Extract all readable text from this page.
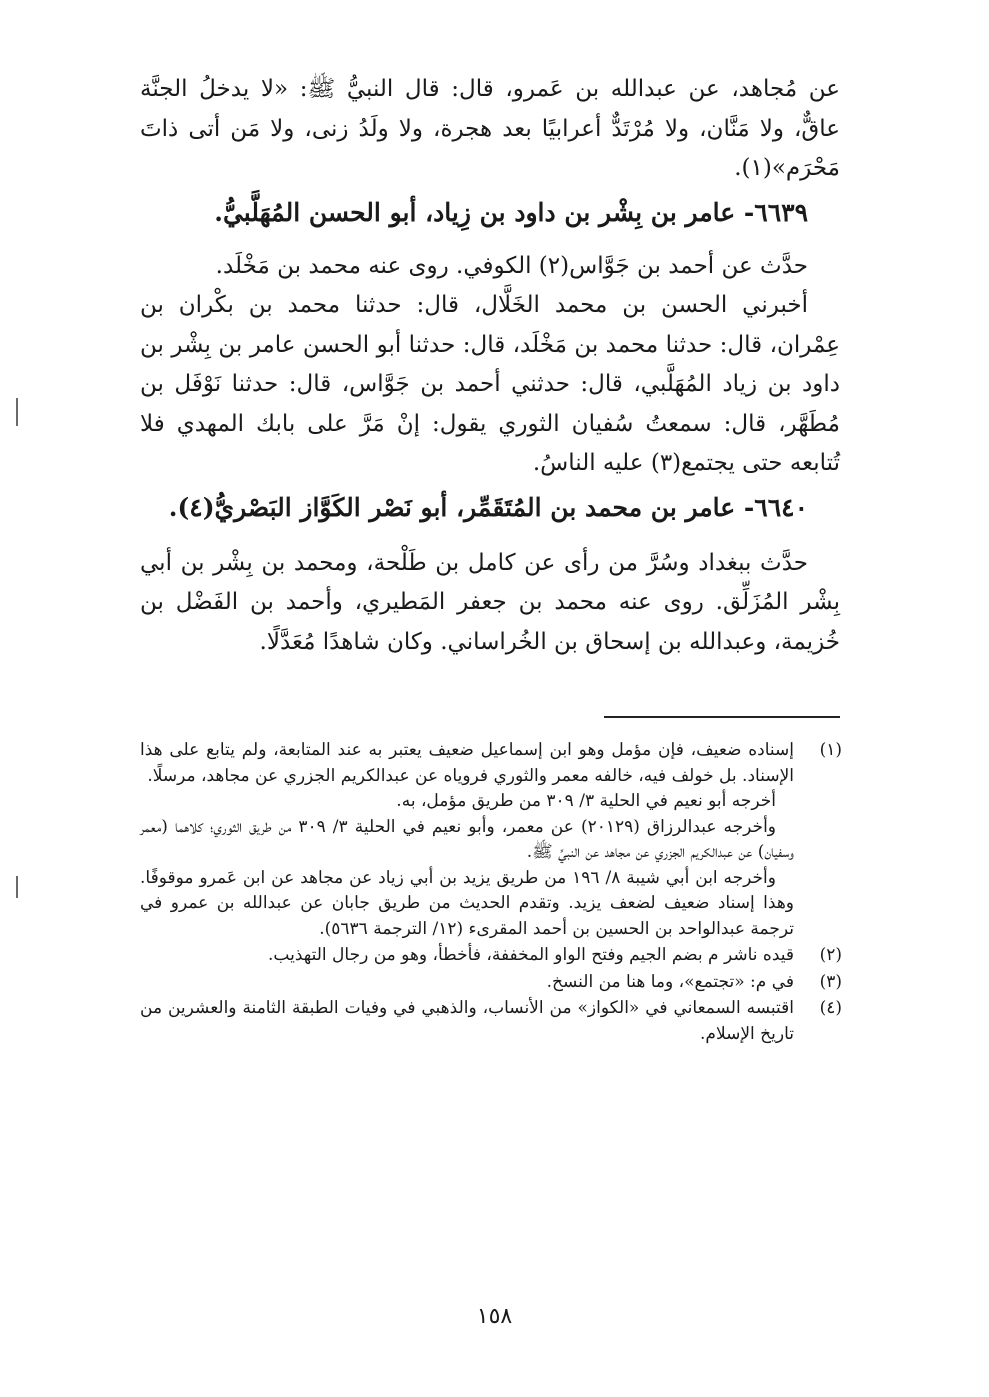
عن مُجاهد، عن عبدالله بن عَمرو، قال: قال النبيُّ ﷺ: «لا يدخلُ الجنَّة عاقٌّ، ولا مَنَّان، ولا مُرْتَدٌّ أعرابيًا بعد هجرة، ولا ولَدُ زنى، ولا مَن أتى ذاتَ مَحْرَم»(١).

٦٦٣٩- عامر بن بِشْر بن داود بن زِياد، أبو الحسن المُهَلَّبيُّ.

حدَّث عن أحمد بن جَوَّاس(٢) الكوفي. روى عنه محمد بن مَخْلَد.

أخبرني الحسن بن محمد الخَلَّال، قال: حدثنا محمد بن بكْران بن عِمْران، قال: حدثنا محمد بن مَخْلَد، قال: حدثنا أبو الحسن عامر بن بِشْر بن داود بن زياد المُهَلَّبي، قال: حدثني أحمد بن جَوَّاس، قال: حدثنا نَوْفَل بن مُطَهَّر، قال: سمعتُ سُفيان الثوري يقول: إنْ مَرَّ على بابك المهدي فلا تُتابعه حتى يجتمع(٣) عليه الناسُ.

٦٦٤٠- عامر بن محمد بن المُتَقَمِّر، أبو نَصْر الكَوَّاز البَصْريُّ(٤).

حدَّث ببغداد وسُرَّ من رأى عن كامل بن طَلْحة، ومحمد بن بِشْر بن أبي بِشْر المُزَلِّق. روى عنه محمد بن جعفر المَطيري، وأحمد بن الفَضْل بن خُزيمة، وعبدالله بن إسحاق بن الخُراساني. وكان شاهدًا مُعَدَّلًا.

(١)

إسناده ضعيف، فإن مؤمل وهو ابن إسماعيل ضعيف يعتبر به عند المتابعة، ولم يتابع على هذا الإسناد. بل خولف فيه، خالفه معمر والثوري فروياه عن عبدالكريم الجزري عن مجاهد، مرسلًا.

أخرجه أبو نعيم في الحلية ٣/ ٣٠٩ من طريق مؤمل، به.

وأخرجه عبدالرزاق (٢٠١٢٩) عن معمر، وأبو نعيم في الحلية ٣/ ٣٠٩ من طريق الثوري؛ كلاهما (معمر وسفيان) عن عبدالكريم الجزري عن مجاهد عن النبيِّ ﷺ.

وأخرجه ابن أبي شيبة ٨/ ١٩٦ من طريق يزيد بن أبي زياد عن مجاهد عن ابن عَمرو موقوفًا. وهذا إسناد ضعيف لضعف يزيد. وتقدم الحديث من طريق جابان عن عبدالله بن عمرو في ترجمة عبدالواحد بن الحسين بن أحمد المقرىء (١٢/ الترجمة ٥٦٣٦).

(٢)

قيده ناشر م بضم الجيم وفتح الواو المخففة، فأخطأ، وهو من رجال التهذيب.

(٣)

في م: «تجتمع»، وما هنا من النسخ.

(٤)

اقتبسه السمعاني في «الكواز» من الأنساب، والذهبي في وفيات الطبقة الثامنة والعشرين من تاريخ الإسلام.

١٥٨
